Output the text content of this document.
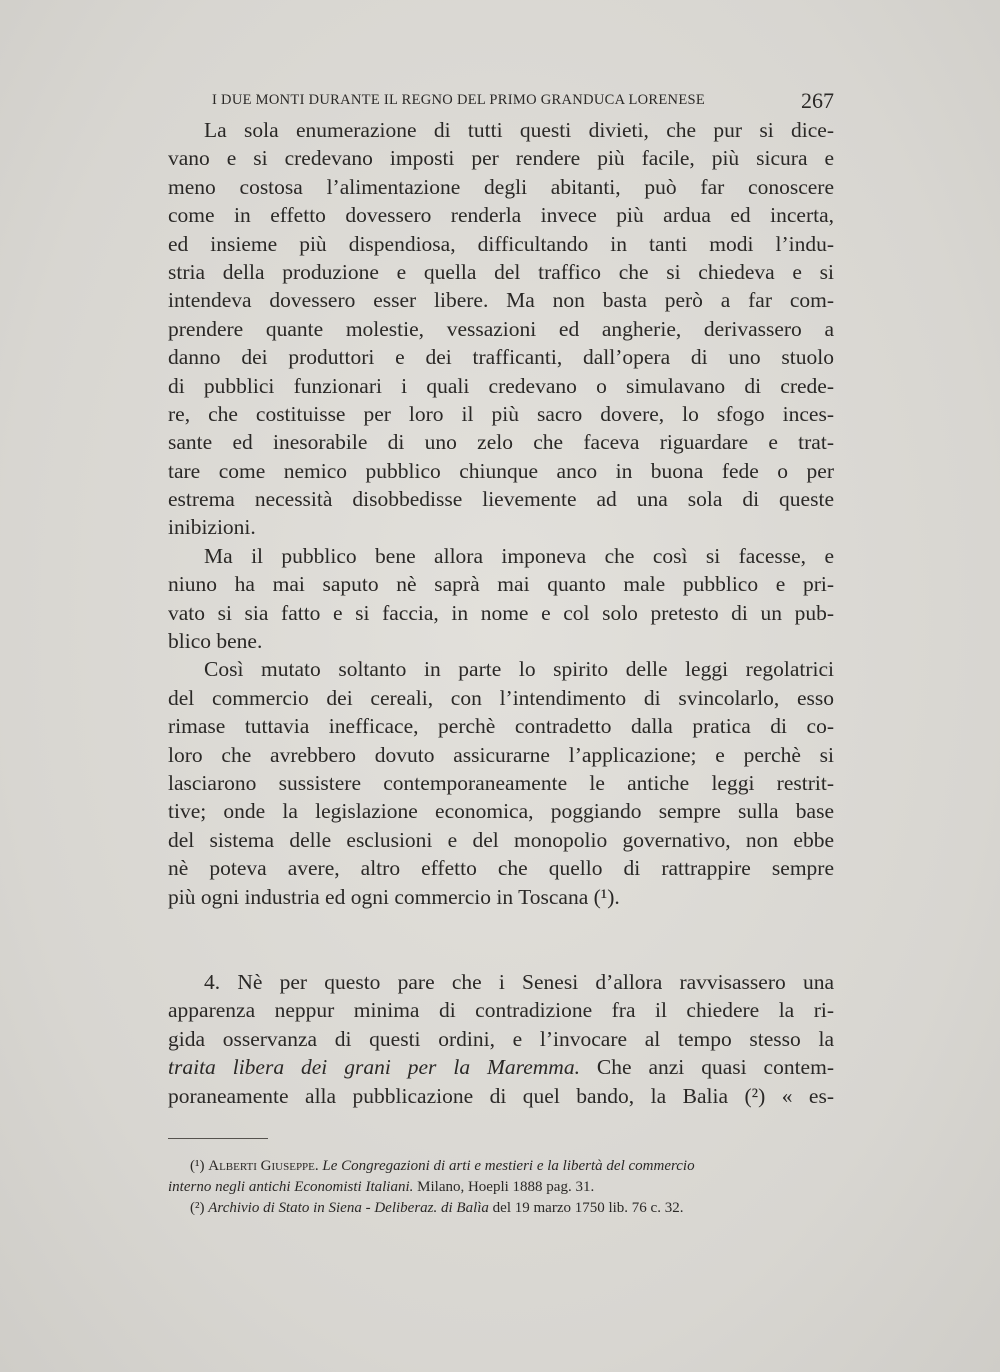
I DUE MONTI DURANTE IL REGNO DEL PRIMO GRANDUCA LORENESE	267
La sola enumerazione di tutti questi divieti, che pur si dice-
vano e si credevano imposti per rendere più facile, più sicura e
meno costosa l’alimentazione degli abitanti, può far conoscere
come in effetto dovessero renderla invece più ardua ed incerta,
ed insieme più dispendiosa, difficultando in tanti modi l’indu-
stria della produzione e quella del traffico che si chiedeva e si
intendeva dovessero esser libere. Ma non basta però a far com-
prendere quante molestie, vessazioni ed angherie, derivassero a
danno dei produttori e dei trafficanti, dall’opera di uno stuolo
di pubblici funzionari i quali credevano o simulavano di crede-
re, che costituisse per loro il più sacro dovere, lo sfogo inces-
sante ed inesorabile di uno zelo che faceva riguardare e trat-
tare come nemico pubblico chiunque anco in buona fede o per
estrema necessità disobbedisse lievemente ad una sola di queste
inibizioni.
Ma il pubblico bene allora imponeva che così si facesse, e
niuno ha mai saputo nè saprà mai quanto male pubblico e pri-
vato si sia fatto e si faccia, in nome e col solo pretesto di un pub-
blico bene.
Così mutato soltanto in parte lo spirito delle leggi regolatrici
del commercio dei cereali, con l’intendimento di svincolarlo, esso
rimase tuttavia inefficace, perchè contradetto dalla pratica di co-
loro che avrebbero dovuto assicurarne l’applicazione; e perchè si
lasciarono sussistere contemporaneamente le antiche leggi restrit-
tive; onde la legislazione economica, poggiando sempre sulla base
del sistema delle esclusioni e del monopolio governativo, non ebbe
nè poteva avere, altro effetto che quello di rattrappire sempre
più ogni industria ed ogni commercio in Toscana (¹).
4. Nè per questo pare che i Senesi d’allora ravvisassero una
apparenza neppur minima di contradizione fra il chiedere la ri-
gida osservanza di questi ordini, e l’invocare al tempo stesso la
traita libera dei grani per la Maremma. Che anzi quasi contem-
poraneamente alla pubblicazione di quel bando, la Balia (²) « es-
(¹) Alberti Giuseppe. Le Congregazioni di arti e mestieri e la libertà del commercio
interno negli antichi Economisti Italiani. Milano, Hoepli 1888 pag. 31.
(²) Archivio di Stato in Siena - Deliberaz. di Balìa del 19 marzo 1750 lib. 76 c. 32.
